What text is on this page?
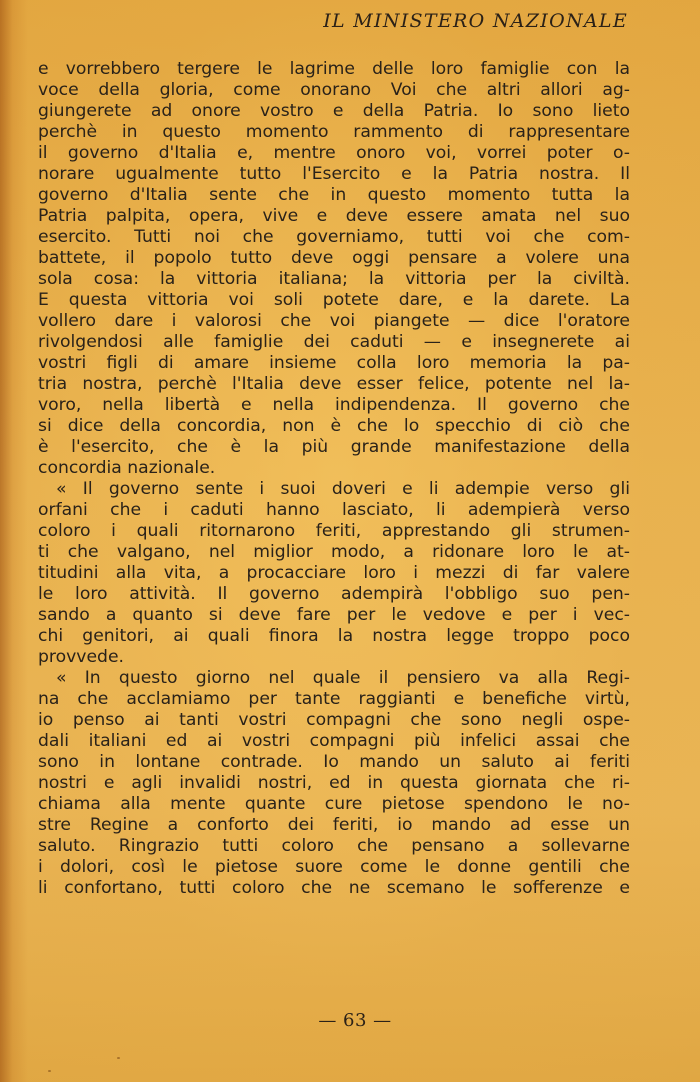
IL MINISTERO NAZIONALE
e vorrebbero tergere le lagrime delle loro famiglie con la
voce della gloria, come onorano Voi che altri allori ag-
giungerete ad onore vostro e della Patria. Io sono lieto
perchè in questo momento rammento di rappresentare
il governo d'Italia e, mentre onoro voi, vorrei poter o-
norare ugualmente tutto l'Esercito e la Patria nostra. Il
governo d'Italia sente che in questo momento tutta la
Patria palpita, opera, vive e deve essere amata nel suo
esercito. Tutti noi che governiamo, tutti voi che com-
battete, il popolo tutto deve oggi pensare a volere una
sola cosa: la vittoria italiana; la vittoria per la civiltà.
E questa vittoria voi soli potete dare, e la darete. La
vollero dare i valorosi che voi piangete — dice l'oratore
rivolgendosi alle famiglie dei caduti — e insegnerete ai
vostri figli di amare insieme colla loro memoria la pa-
tria nostra, perchè l'Italia deve esser felice, potente nel la-
voro, nella libertà e nella indipendenza. Il governo che
si dice della concordia, non è che lo specchio di ciò che
è l'esercito, che è la più grande manifestazione della
concordia nazionale.
« Il governo sente i suoi doveri e li adempie verso gli
orfani che i caduti hanno lasciato, li adempierà verso
coloro i quali ritornarono feriti, apprestando gli strumen-
ti che valgano, nel miglior modo, a ridonare loro le at-
titudini alla vita, a procacciare loro i mezzi di far valere
le loro attività. Il governo adempirà l'obbligo suo pen-
sando a quanto si deve fare per le vedove e per i vec-
chi genitori, ai quali finora la nostra legge troppo poco
provvede.
« In questo giorno nel quale il pensiero va alla Regi-
na che acclamiamo per tante raggianti e benefiche virtù,
io penso ai tanti vostri compagni che sono negli ospe-
dali italiani ed ai vostri compagni più infelici assai che
sono in lontane contrade. Io mando un saluto ai feriti
nostri e agli invalidi nostri, ed in questa giornata che ri-
chiama alla mente quante cure pietose spendono le no-
stre Regine a conforto dei feriti, io mando ad esse un
saluto. Ringrazio tutti coloro che pensano a sollevarne
i dolori, così le pietose suore come le donne gentili che
li confortano, tutti coloro che ne scemano le sofferenze e
— 63 —
